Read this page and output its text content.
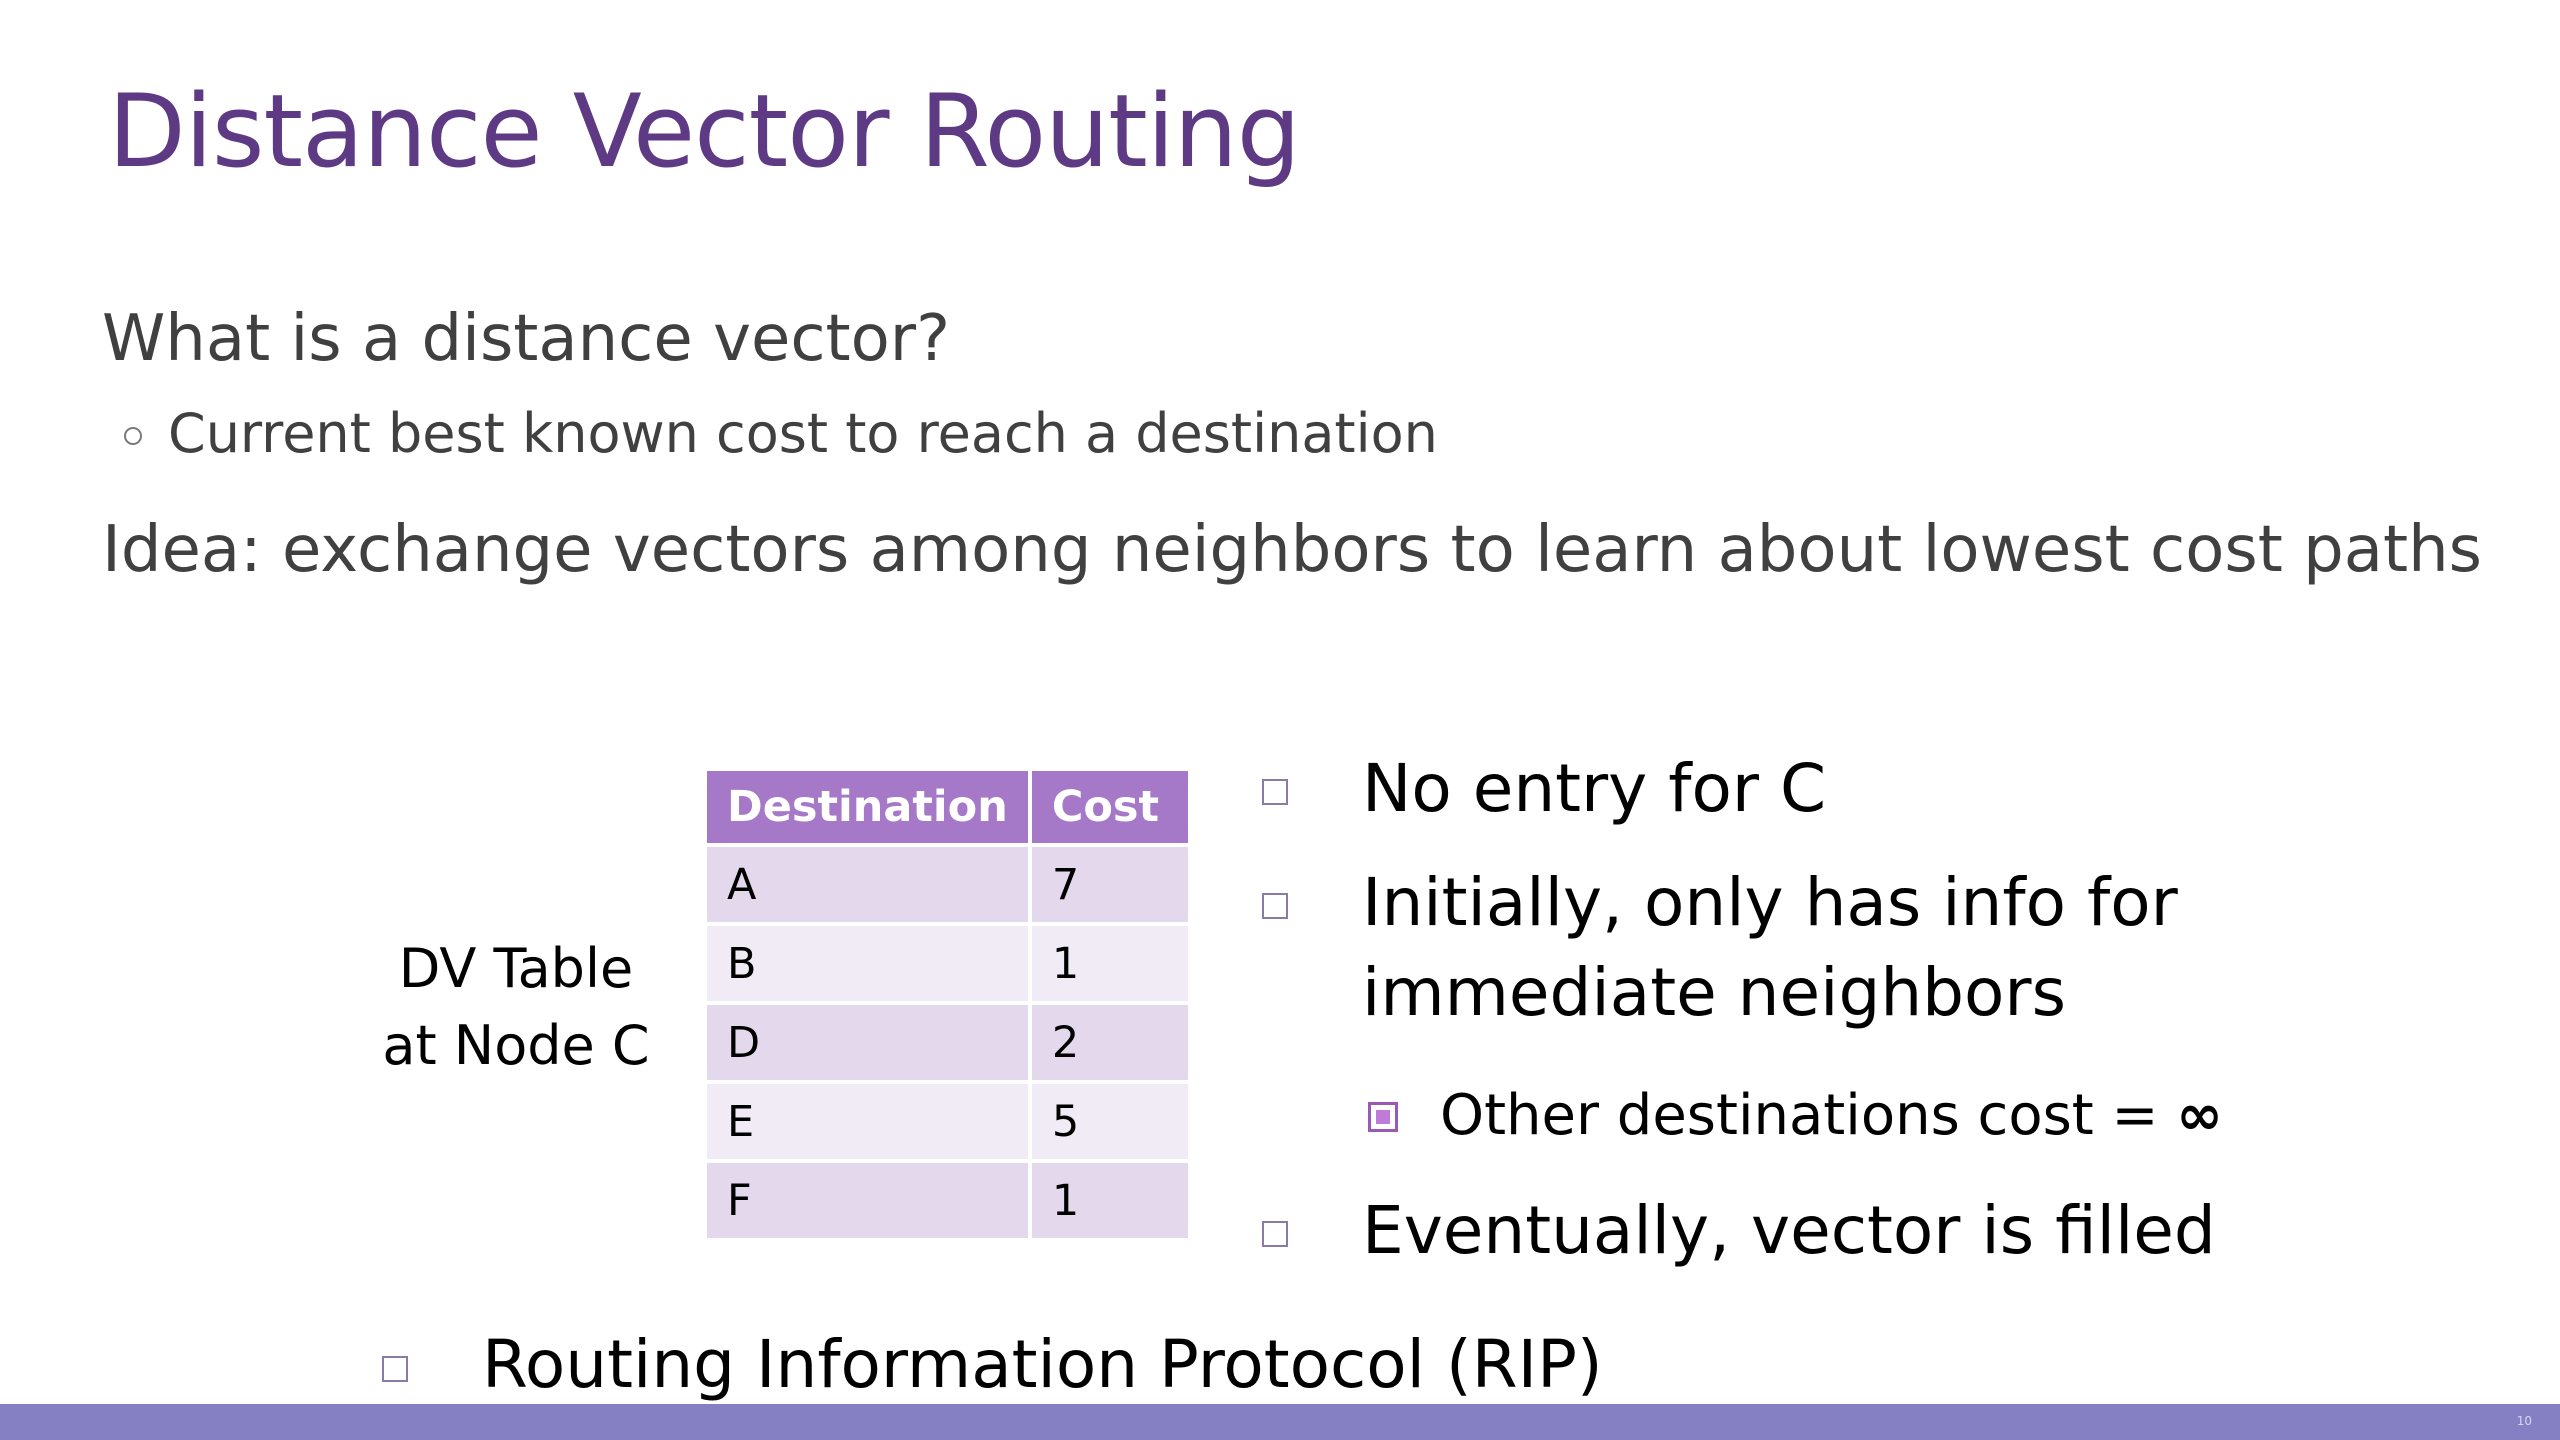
Distance Vector Routing
What is a distance vector?
Current best known cost to reach a destination
Idea: exchange vectors among neighbors to learn about lowest cost paths
DV Table
at Node C
Destination	Cost
A	7
B	1
D	2
E	5
F	1
No entry for C
Initially, only has info for
immediate neighbors
Other destinations cost = ∞
Eventually, vector is filled
Routing Information Protocol (RIP)
10
